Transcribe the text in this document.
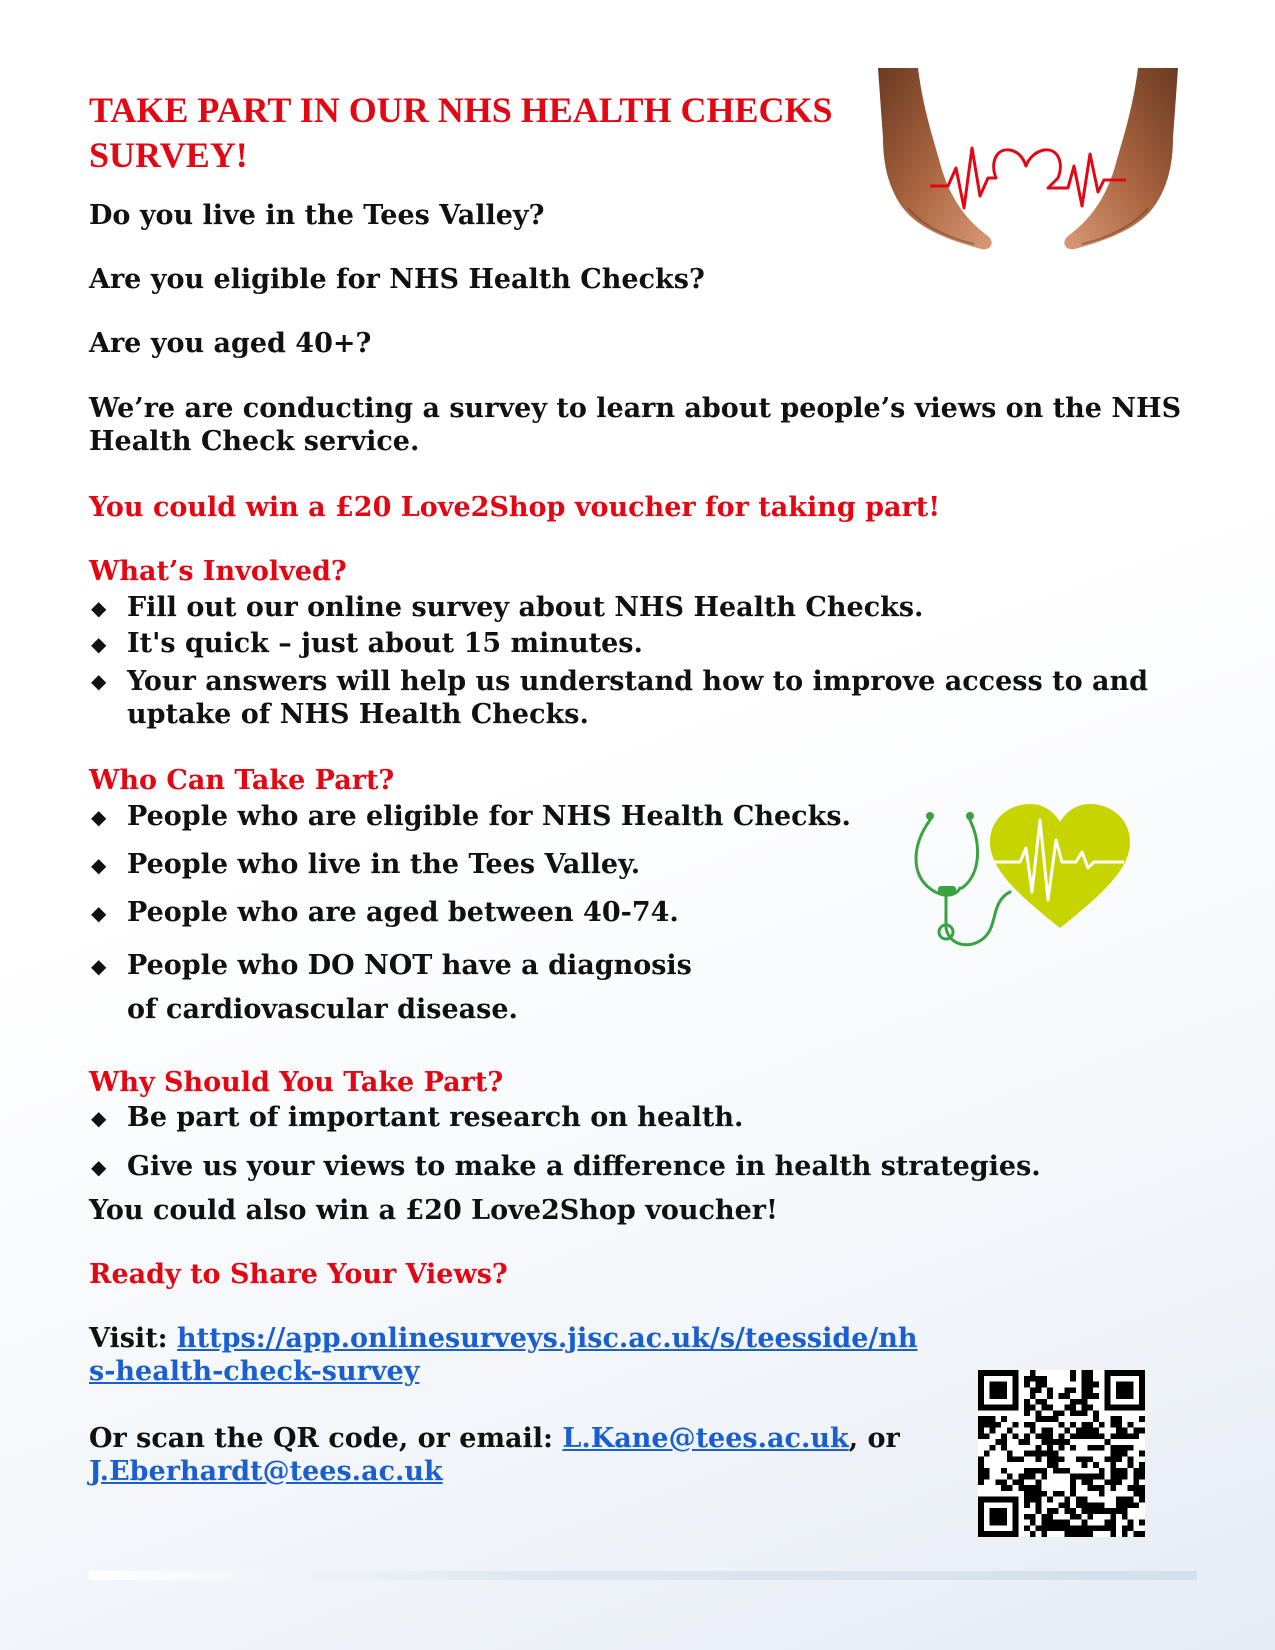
TAKE PART IN OUR NHS HEALTH CHECKS SURVEY!
Do you live in the Tees Valley?
Are you eligible for NHS Health Checks?
Are you aged 40+?
We’re are conducting a survey to learn about people’s views on the NHS Health Check service.
You could win a £20 Love2Shop voucher for taking part!
What’s Involved?
◆ Fill out our online survey about NHS Health Checks.
◆ It's quick – just about 15 minutes.
◆ Your answers will help us understand how to improve access to and uptake of NHS Health Checks.
Who Can Take Part?
◆ People who are eligible for NHS Health Checks.
◆ People who live in the Tees Valley.
◆ People who are aged between 40-74.
◆ People who DO NOT have a diagnosis of cardiovascular disease.
Why Should You Take Part?
◆ Be part of important research on health.
◆ Give us your views to make a difference in health strategies.
You could also win a £20 Love2Shop voucher!
Ready to Share Your Views?
Visit: https://app.onlinesurveys.jisc.ac.uk/s/teesside/nhs-health-check-survey
Or scan the QR code, or email: L.Kane@tees.ac.uk, or
J.Eberhardt@tees.ac.uk
